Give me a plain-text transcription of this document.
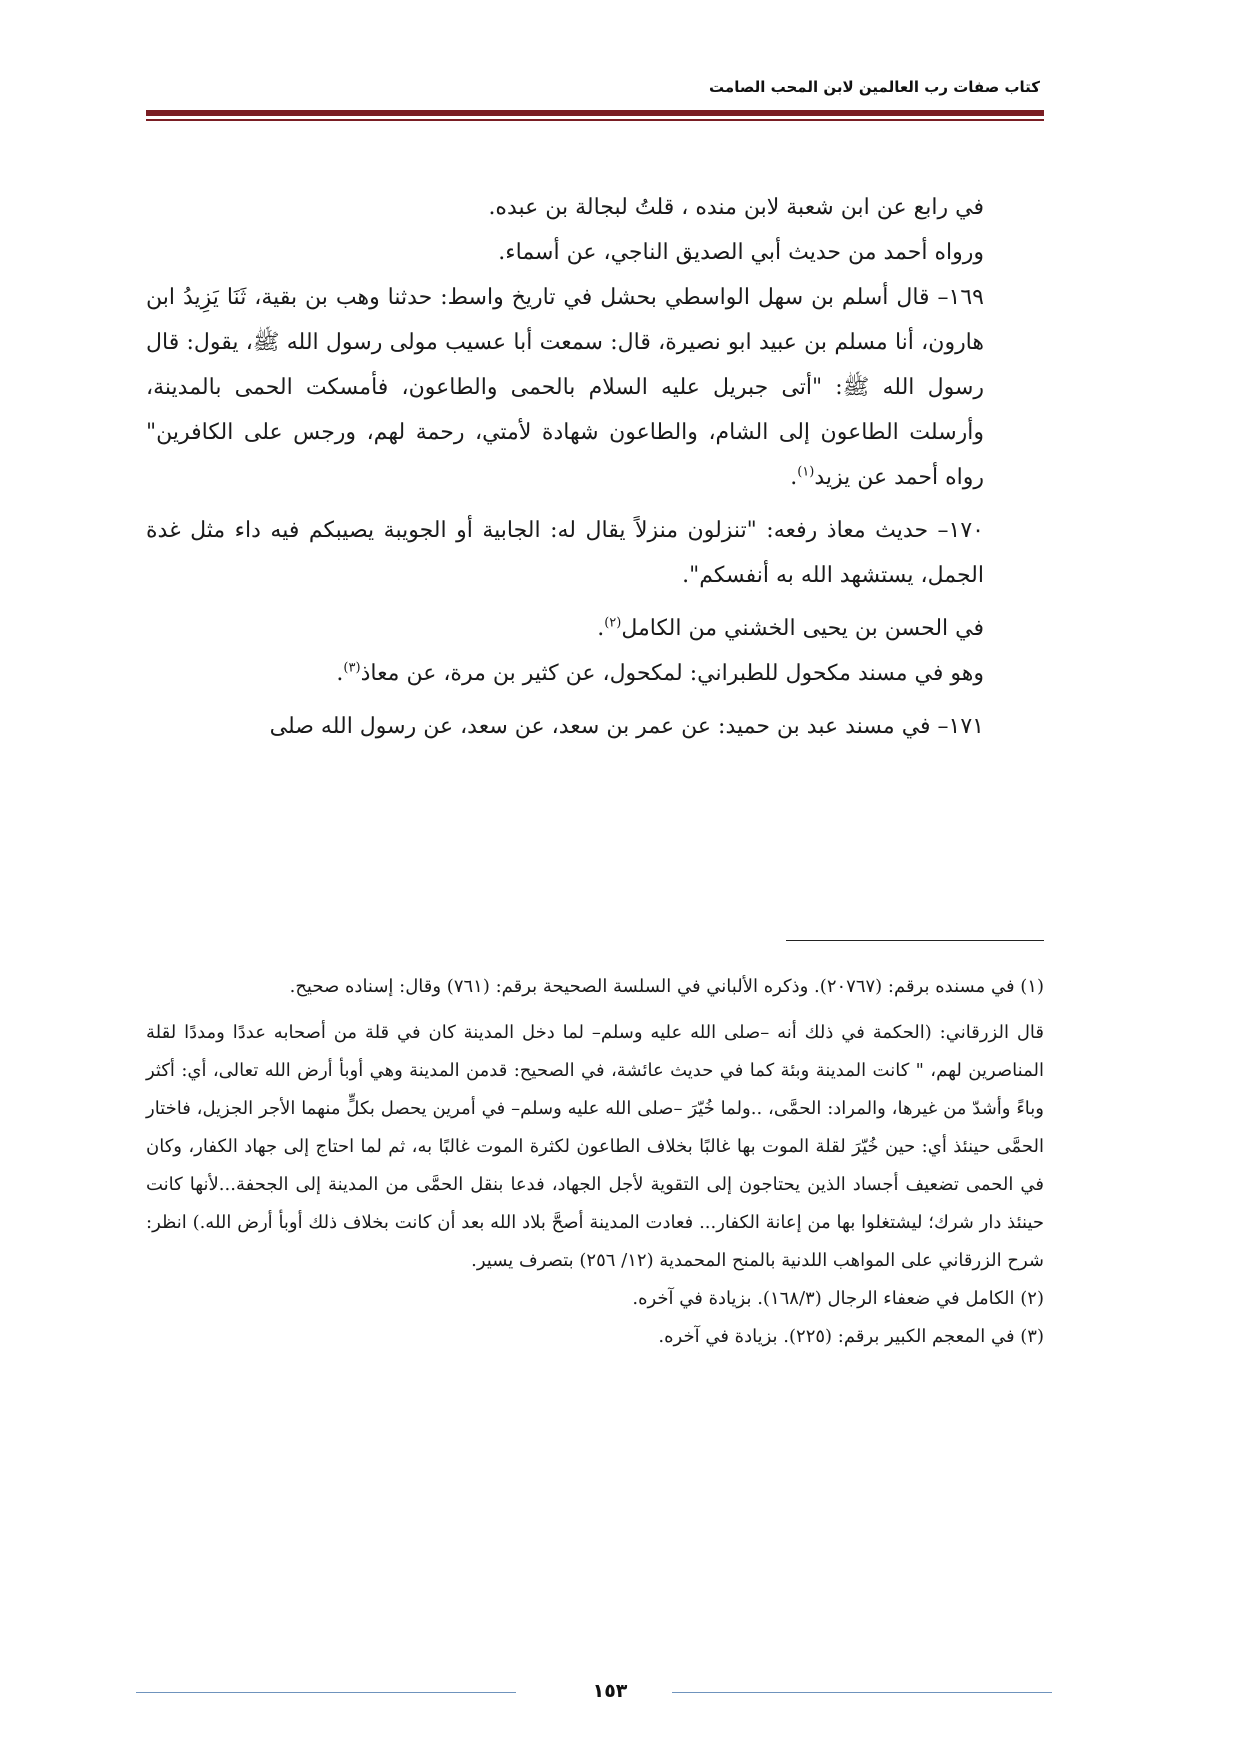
كتاب صفات رب العالمين لابن المحب الصامت

في رابع عن ابن شعبة لابن منده ، قلتُ لبجالة بن عبده.

ورواه أحمد من حديث أبي الصديق الناجي، عن أسماء.

١٦٩– قال أسلم بن سهل الواسطي بحشل في تاريخ واسط: حدثنا وهب بن بقية، ثَنَا يَزِيدُ ابن هارون، أنا مسلم بن عبيد ابو نصيرة، قال: سمعت أبا عسيب مولى رسول الله ﷺ، يقول: قال رسول الله ﷺ: "أتى جبريل عليه السلام بالحمى والطاعون، فأمسكت الحمى بالمدينة، وأرسلت الطاعون إلى الشام، والطاعون شهادة لأمتي، رحمة لهم، ورجس على الكافرين" رواه أحمد عن يزيد$^{(١)}$.

١٧٠– حديث معاذ رفعه: "تنزلون منزلاً يقال له: الجابية أو الجويبة يصيبكم فيه داء مثل غدة الجمل، يستشهد الله به أنفسكم".

في الحسن بن يحيى الخشني من الكامل$^{(٢)}$.

وهو في مسند مكحول للطبراني: لمكحول، عن كثير بن مرة، عن معاذ$^{(٣)}$.

١٧١– في مسند عبد بن حميد: عن عمر بن سعد، عن سعد، عن رسول الله صلى

(١) في مسنده برقم: (٢٠٧٦٧). وذكره الألباني في السلسة الصحيحة برقم: (٧٦١) وقال: إسناده صحيح.

قال الزرقاني: (الحكمة في ذلك أنه –صلى الله عليه وسلم– لما دخل المدينة كان في قلة من أصحابه عددًا ومددًا لقلة المناصرين لهم، " كانت المدينة وبئة كما في حديث عائشة، في الصحيح: قدمن المدينة وهي أوبأ أرض الله تعالى، أي: أكثر وباءً وأشدّ من غيرها، والمراد: الحمَّى، ..ولما خُيّرَ –صلى الله عليه وسلم– في أمرين يحصل بكلٍّ منهما الأجر الجزيل، فاختار الحمَّى حينئذ أي: حين خُيّرَ لقلة الموت بها غالبًا بخلاف الطاعون لكثرة الموت غالبًا به، ثم لما احتاج إلى جهاد الكفار، وكان في الحمى تضعيف أجساد الذين يحتاجون إلى التقوية لأجل الجهاد، فدعا بنقل الحمَّى من المدينة إلى الجحفة...لأنها كانت حينئذ دار شرك؛ ليشتغلوا بها من إعانة الكفار... فعادت المدينة أصحَّ بلاد الله بعد أن كانت بخلاف ذلك أوبأ أرض الله.) انظر: شرح الزرقاني على المواهب اللدنية بالمنح المحمدية (١٢/ ٢٥٦) بتصرف يسير.

(٢) الكامل في ضعفاء الرجال (١٦٨/٣). بزيادة في آخره.

(٣) في المعجم الكبير برقم: (٢٢٥). بزيادة في آخره.

١٥٣
